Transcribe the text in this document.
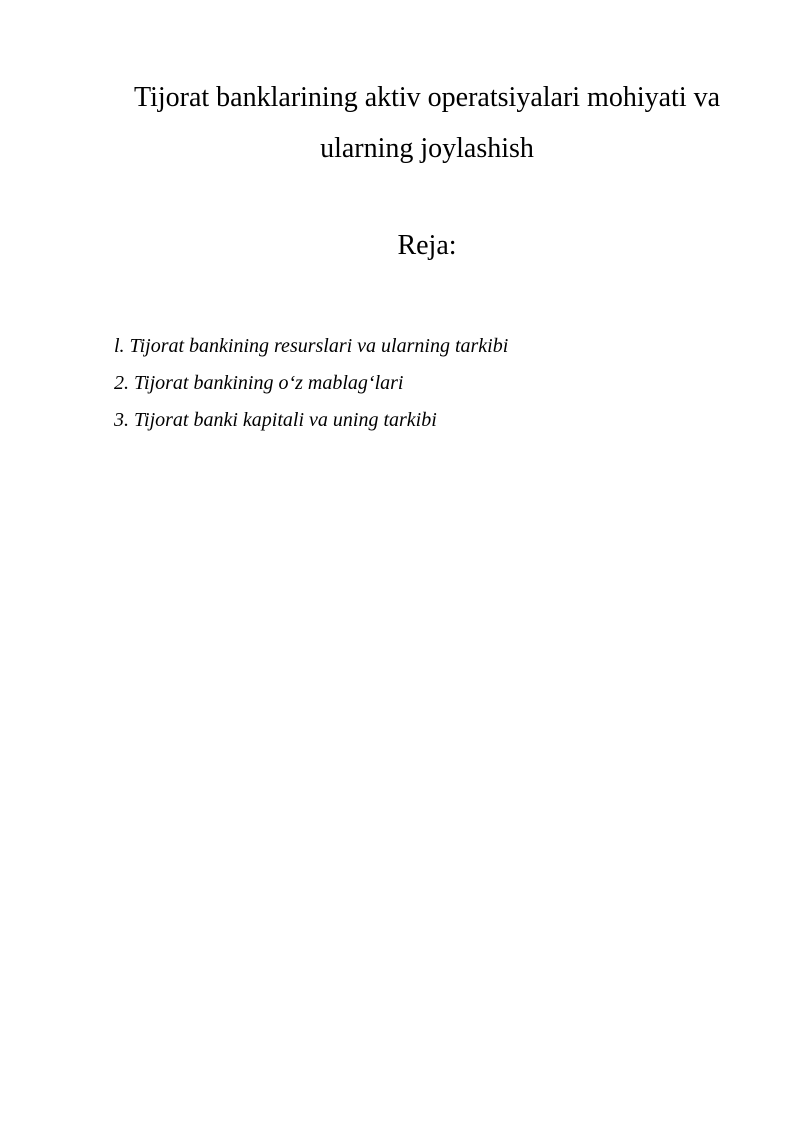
Tijorat banklarining aktiv operatsiyalari mohiyati va ularning joylashish
Reja:
l. Tijorat bankining resurslari va ularning tarkibi
2. Tijorat bankining o‘z mablag‘lari
3. Tijorat banki kapitali va uning tarkibi
